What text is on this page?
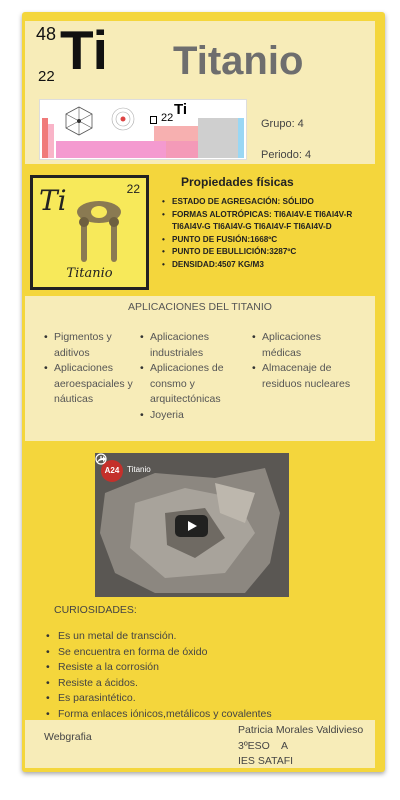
48
22 Ti Titanio
Ti
22	Grupo: 4
Periodo: 4
Ti	22
Titanio
Propiedades físicas
• ESTADO DE AGREGACIÓN: SÓLIDO
• FORMAS ALOTRÓPICAS: TI6Al4V-E TI6Al4V-R TI6Al4V-G TI6Al4V-G TI6Al4V-F TI6Al4V-D
• PUNTO DE FUSIÓN:1668ºC
• PUNTO DE EBULLICIÓN:3287ºC
• DENSIDAD:4507 KG/M3
APLICACIONES DEL TITANIO
• Pigmentos y aditivos
• Aplicaciones aeroespaciales y náuticas
• Aplicaciones industriales
• Aplicaciones de consmo y arquitectónicas
• Joyeria
• Aplicaciones médicas
• Almacenaje de residuos nucleares
A24 Titanio
CURIOSIDADES:
• Es un metal de transción.
• Se encuentra en forma de óxido
• Resiste a la corrosión
• Resiste a ácidos.
• Es parasintético.
• Forma enlaces iónicos,metálicos y covalentes
Webgrafia
Patricia Morales Valdivieso
3ºESO    A
IES SATAFI
